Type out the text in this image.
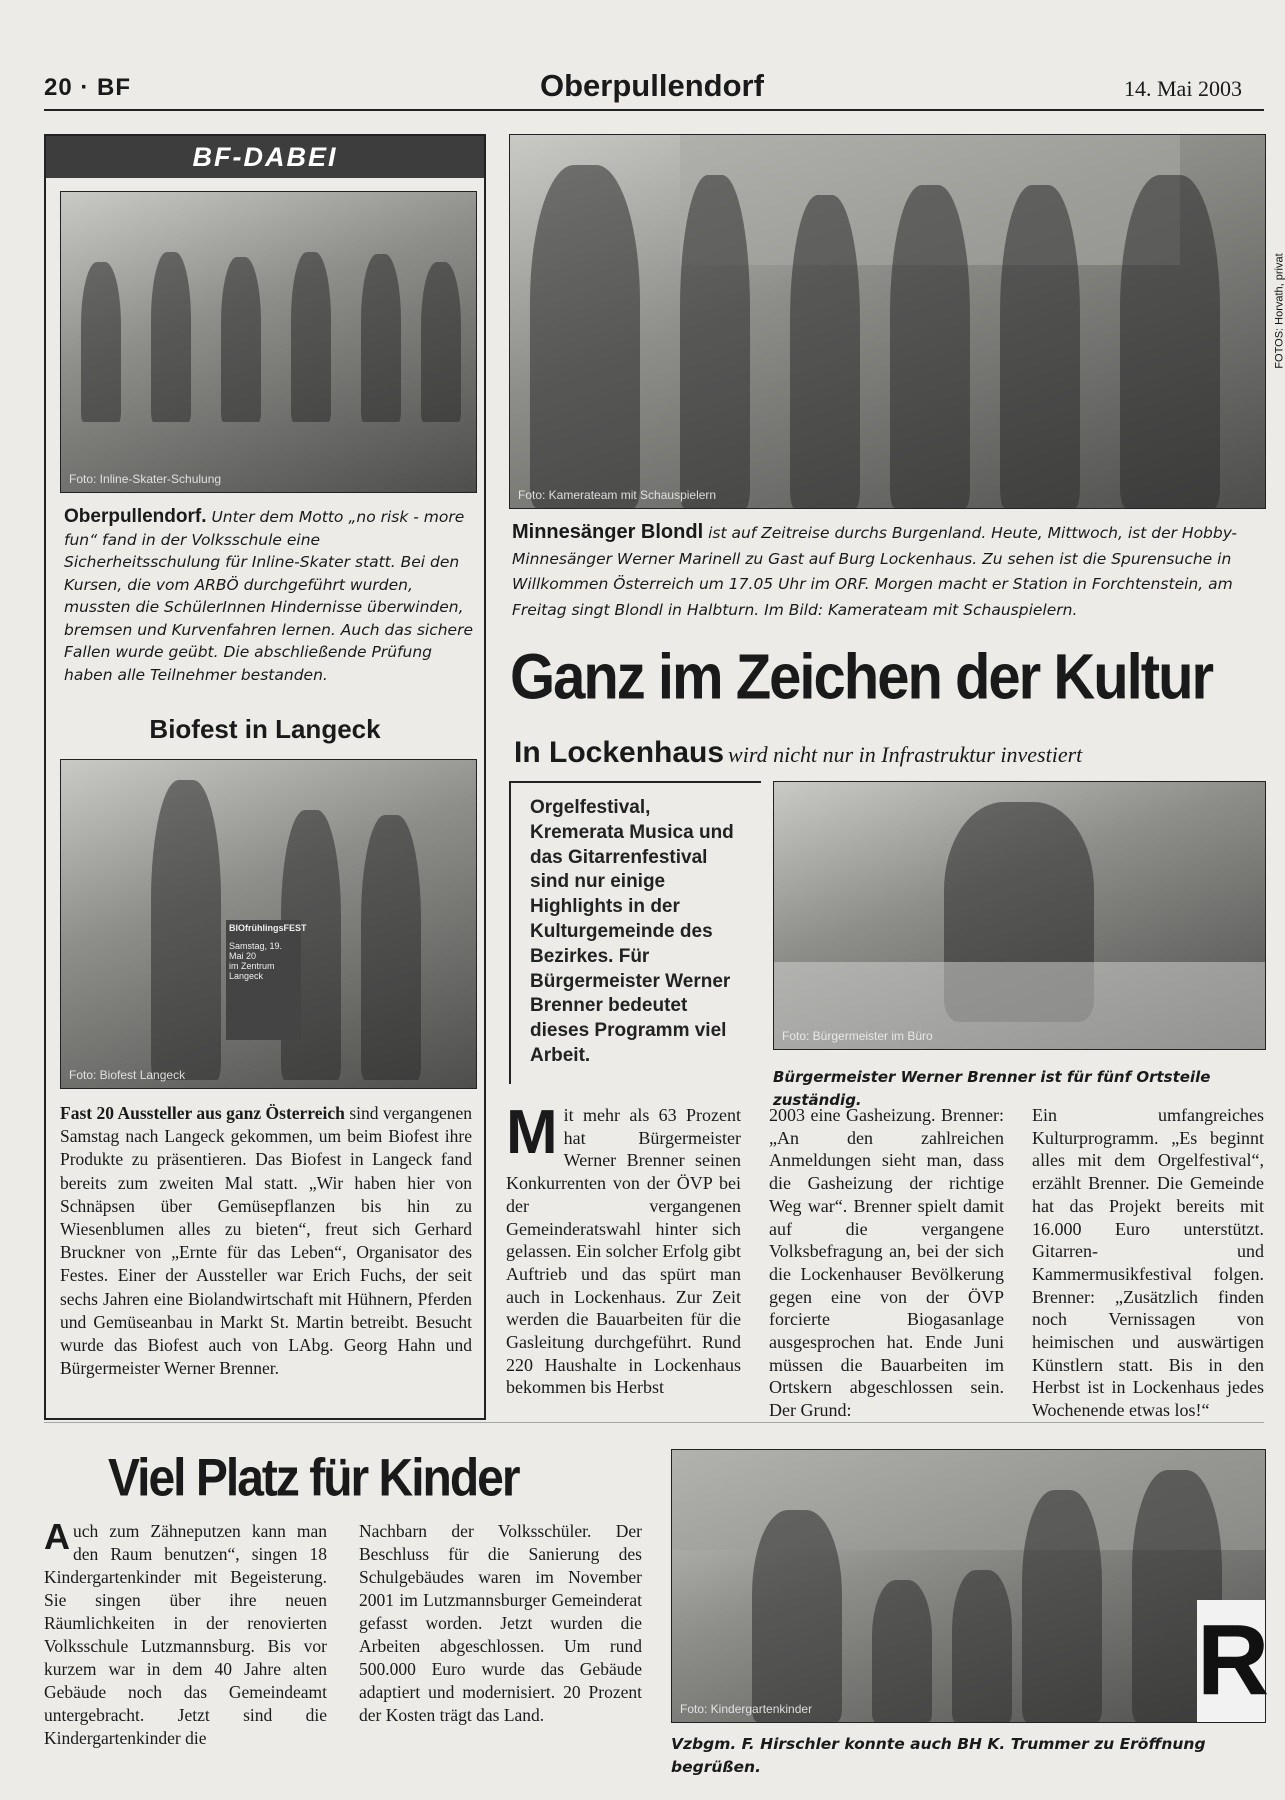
20 · BF	Oberpullendorf	14. Mai 2003
BF-DABEI
Foto: Inline-Skater-Schulung
Oberpullendorf. Unter dem Motto „no risk - more fun“ fand in der Volksschule eine Sicherheitsschulung für Inline-Skater statt. Bei den Kursen, die vom ARBÖ durchgeführt wurden, mussten die SchülerInnen Hindernisse überwinden, bremsen und Kurvenfahren lernen. Auch das sichere Fallen wurde geübt. Die abschließende Prüfung haben alle Teilnehmer bestanden.
Biofest in Langeck
BIOfrühlingsFEST
Samstag, 19. Mai 20
im Zentrum Langeck
Foto: Biofest Langeck
Fast 20 Aussteller aus ganz Österreich sind vergangenen Samstag nach Langeck gekommen, um beim Biofest ihre Produkte zu präsentieren. Das Biofest in Langeck fand bereits zum zweiten Mal statt. „Wir haben hier von Schnäpsen über Gemüsepflanzen bis hin zu Wiesenblumen alles zu bieten“, freut sich Gerhard Bruckner von „Ernte für das Leben“, Organisator des Festes. Einer der Aussteller war Erich Fuchs, der seit sechs Jahren eine Biolandwirtschaft mit Hühnern, Pferden und Gemüseanbau in Markt St. Martin betreibt. Besucht wurde das Biofest auch von LAbg. Georg Hahn und Bürgermeister Werner Brenner.
Foto: Kamerateam mit Schauspielern
FOTOS: Horvath, privat
Minnesänger Blondl ist auf Zeitreise durchs Burgenland. Heute, Mittwoch, ist der Hobby-Minnesänger Werner Marinell zu Gast auf Burg Lockenhaus. Zu sehen ist die Spurensuche in Willkommen Österreich um 17.05 Uhr im ORF. Morgen macht er Station in Forchtenstein, am Freitag singt Blondl in Halbturn. Im Bild: Kamerateam mit Schauspielern.
Ganz im Zeichen der Kultur
In Lockenhaus wird nicht nur in Infrastruktur investiert
Orgelfestival, Kremerata Musica und das Gitarrenfestival sind nur einige Highlights in der Kulturgemeinde des Bezirkes. Für Bürgermeister Werner Brenner bedeutet dieses Programm viel Arbeit.
Foto: Bürgermeister im Büro
Bürgermeister Werner Brenner ist für fünf Ortsteile zuständig.
Mit mehr als 63 Prozent hat Bürgermeister Werner Brenner seinen Konkurrenten von der ÖVP bei der vergangenen Gemeinderatswahl hinter sich gelassen. Ein solcher Erfolg gibt Auftrieb und das spürt man auch in Lockenhaus. Zur Zeit werden die Bauarbeiten für die Gasleitung durchgeführt. Rund 220 Haushalte in Lockenhaus bekommen bis Herbst
2003 eine Gasheizung. Brenner: „An den zahlreichen Anmeldungen sieht man, dass die Gasheizung der richtige Weg war“. Brenner spielt damit auf die vergangene Volksbefragung an, bei der sich die Lockenhauser Bevölkerung gegen eine von der ÖVP forcierte Biogasanlage ausgesprochen hat. Ende Juni müssen die Bauarbeiten im Ortskern abgeschlossen sein. Der Grund:
Ein umfangreiches Kulturprogramm. „Es beginnt alles mit dem Orgelfestival“, erzählt Brenner. Die Gemeinde hat das Projekt bereits mit 16.000 Euro unterstützt. Gitarren- und Kammermusikfestival folgen. Brenner: „Zusätzlich finden noch Vernissagen von heimischen und auswärtigen Künstlern statt. Bis in den Herbst ist in Lockenhaus jedes Wochenende etwas los!“
Viel Platz für Kinder
Auch zum Zähneputzen kann man den Raum benutzen“, singen 18 Kindergartenkinder mit Begeisterung. Sie singen über ihre neuen Räumlichkeiten in der renovierten Volksschule Lutzmannsburg. Bis vor kurzem war in dem 40 Jahre alten Gebäude noch das Gemeindeamt untergebracht. Jetzt sind die Kindergartenkinder die
Nachbarn der Volksschüler. Der Beschluss für die Sanierung des Schulgebäudes waren im November 2001 im Lutzmannsburger Gemeinderat gefasst worden. Jetzt wurden die Arbeiten abgeschlossen. Um rund 500.000 Euro wurde das Gebäude adaptiert und modernisiert. 20 Prozent der Kosten trägt das Land.	R
Foto: Kindergartenkinder
Vzbgm. F. Hirschler konnte auch BH K. Trummer zu Eröffnung begrüßen.
